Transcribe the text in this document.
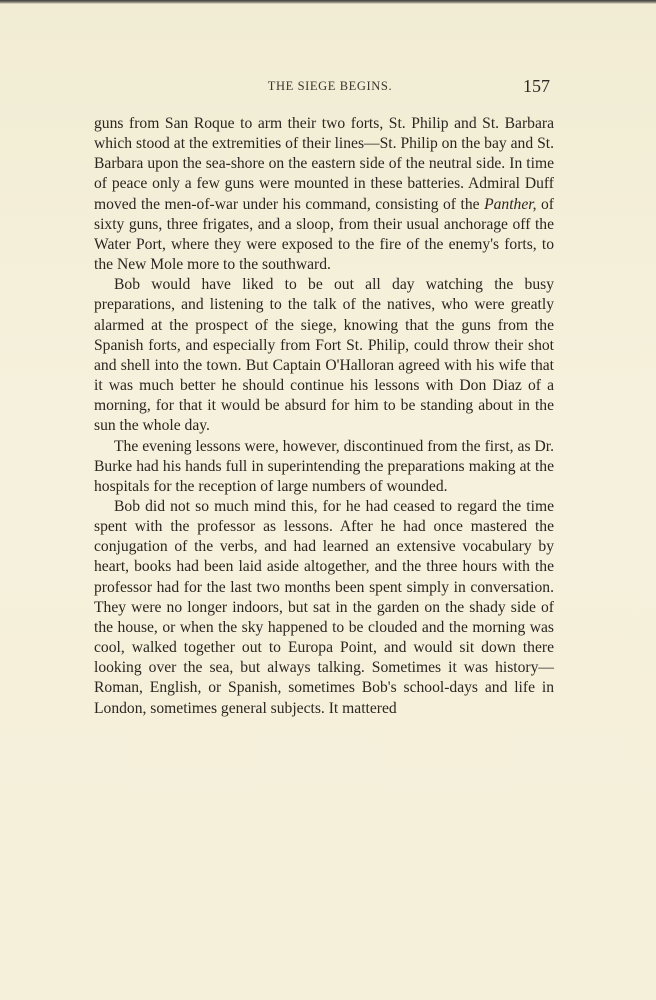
THE SIEGE BEGINS.	157

guns from San Roque to arm their two forts, St. Philip and St. Barbara which stood at the extremities of their lines—St. Philip on the bay and St. Barbara upon the sea-shore on the eastern side of the neutral side. In time of peace only a few guns were mounted in these batteries. Admiral Duff moved the men-of-war under his command, consisting of the Panther, of sixty guns, three frigates, and a sloop, from their usual anchorage off the Water Port, where they were exposed to the fire of the enemy's forts, to the New Mole more to the southward.

Bob would have liked to be out all day watching the busy preparations, and listening to the talk of the natives, who were greatly alarmed at the prospect of the siege, knowing that the guns from the Spanish forts, and especially from Fort St. Philip, could throw their shot and shell into the town. But Captain O'Halloran agreed with his wife that it was much better he should continue his lessons with Don Diaz of a morning, for that it would be absurd for him to be standing about in the sun the whole day.

The evening lessons were, however, discontinued from the first, as Dr. Burke had his hands full in superintending the preparations making at the hospitals for the reception of large numbers of wounded.

Bob did not so much mind this, for he had ceased to regard the time spent with the professor as lessons. After he had once mastered the conjugation of the verbs, and had learned an extensive vocabulary by heart, books had been laid aside altogether, and the three hours with the professor had for the last two months been spent simply in conversation. They were no longer indoors, but sat in the garden on the shady side of the house, or when the sky happened to be clouded and the morning was cool, walked together out to Europa Point, and would sit down there looking over the sea, but always talking. Sometimes it was history—Roman, English, or Spanish, sometimes Bob's school-days and life in London, sometimes general subjects. It mattered
